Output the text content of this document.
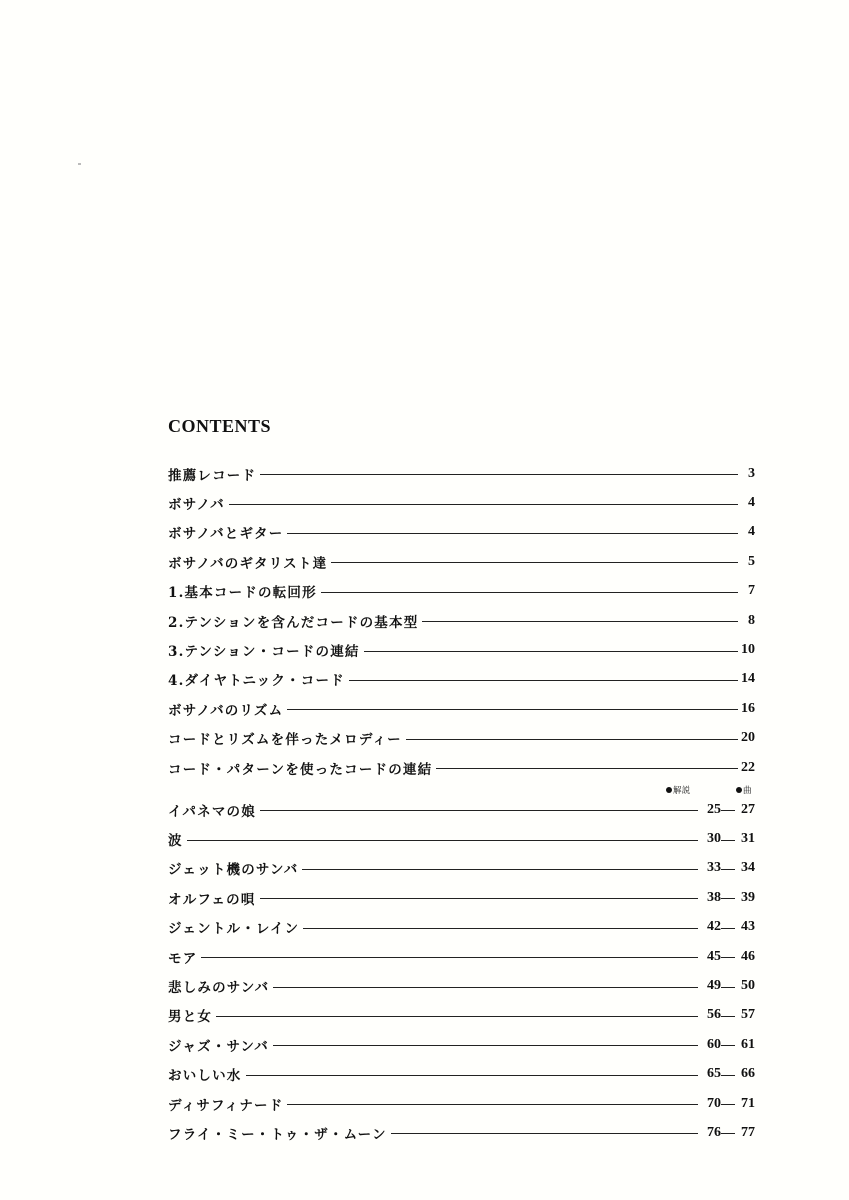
CONTENTS
推薦レコード	3
ボサノバ	4
ボサノバとギター	4
ボサノバのギタリスト達	5
1.基本コードの転回形	7
2.テンションを含んだコードの基本型	8
3.テンション・コードの連結	10
4.ダイヤトニック・コード	14
ボサノバのリズム	16
コードとリズムを伴ったメロディー	20
コード・パターンを使ったコードの連結	22
解説	曲
イパネマの娘	25	27
波	30	31
ジェット機のサンバ	33	34
オルフェの唄	38	39
ジェントル・レイン	42	43
モア	45	46
悲しみのサンバ	49	50
男と女	56	57
ジャズ・サンバ	60	61
おいしい水	65	66
ディサフィナード	70	71
フライ・ミー・トゥ・ザ・ムーン	76	77
